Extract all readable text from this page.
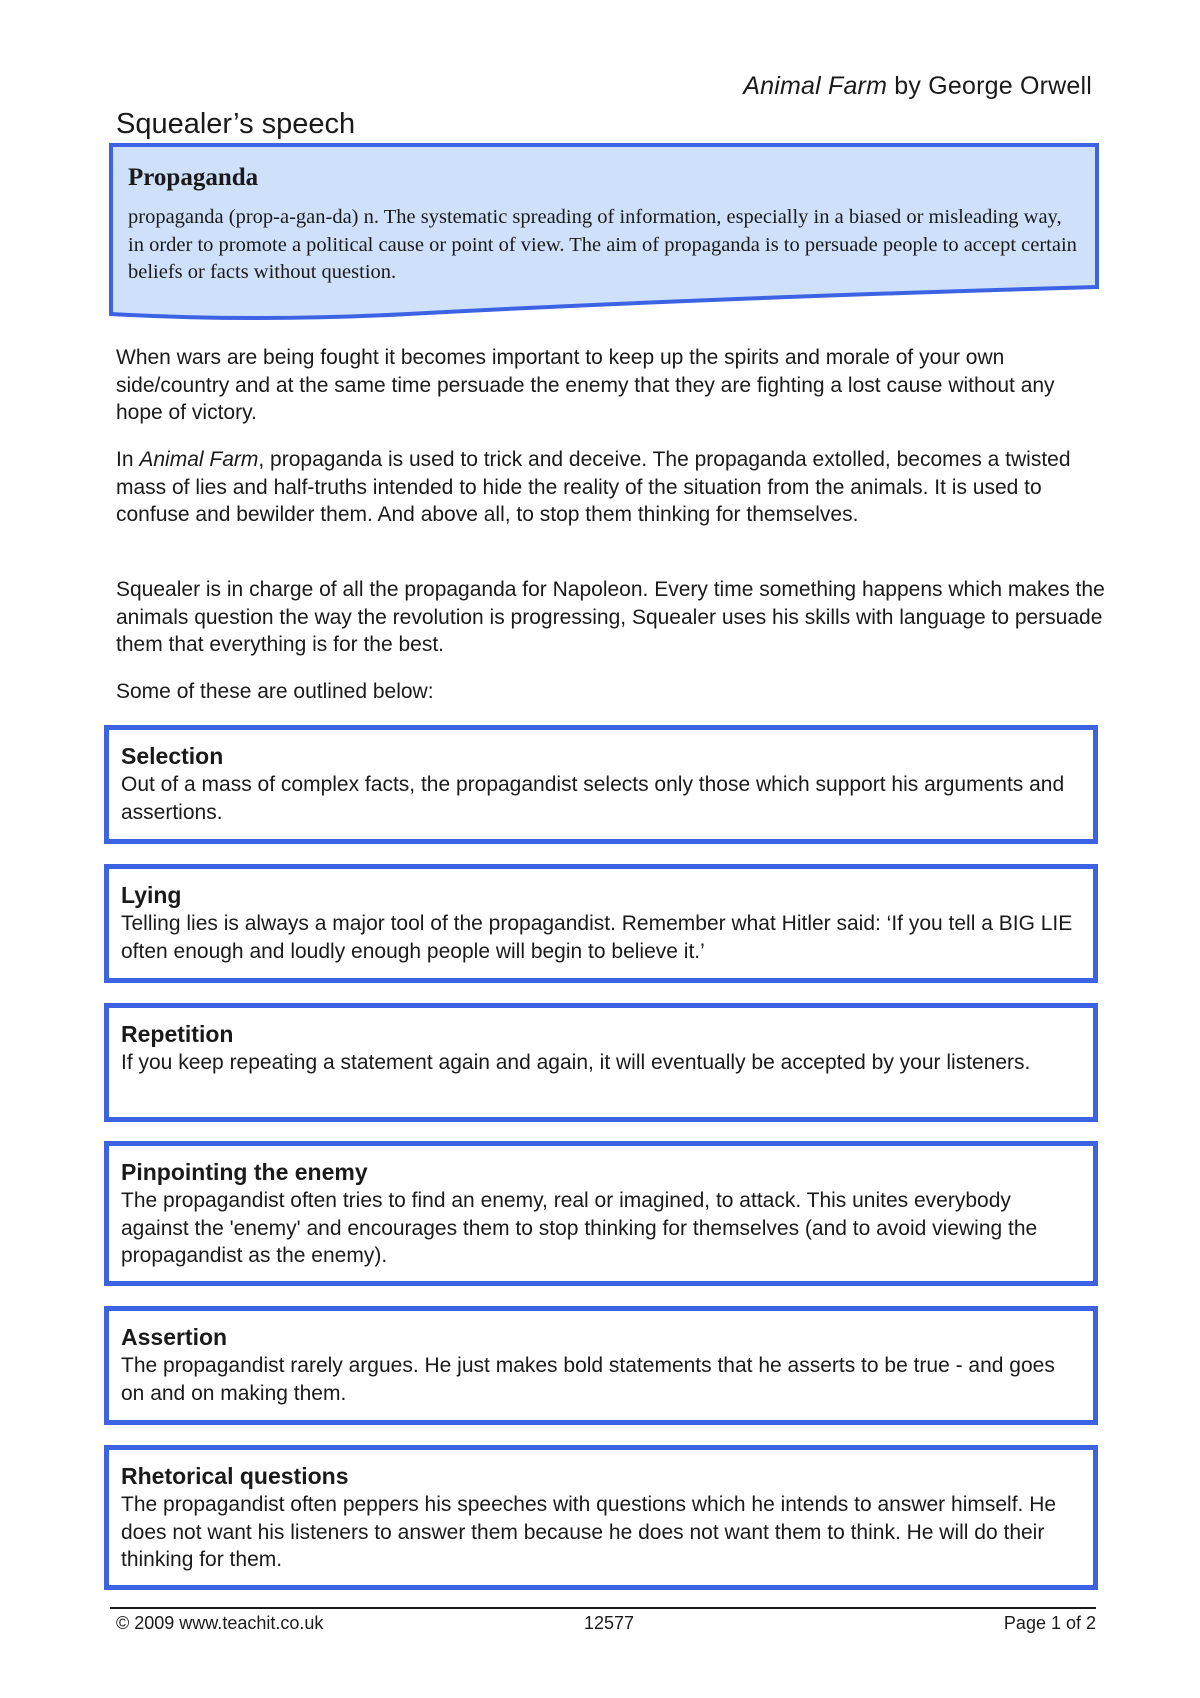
Animal Farm by George Orwell
Squealer’s speech
Propaganda

propaganda (prop-a-gan-da) n. The systematic spreading of information, especially in a biased or misleading way, in order to promote a political cause or point of view. The aim of propaganda is to persuade people to accept certain beliefs or facts without question.

When wars are being fought it becomes important to keep up the spirits and morale of your own side/country and at the same time persuade the enemy that they are fighting a lost cause without any hope of victory.

In Animal Farm, propaganda is used to trick and deceive. The propaganda extolled, becomes a twisted mass of lies and half-truths intended to hide the reality of the situation from the animals. It is used to confuse and bewilder them. And above all, to stop them thinking for themselves.

Squealer is in charge of all the propaganda for Napoleon. Every time something happens which makes the animals question the way the revolution is progressing, Squealer uses his skills with language to persuade them that everything is for the best.

Some of these are outlined below:

Selection

Out of a mass of complex facts, the propagandist selects only those which support his arguments and assertions.

Lying

Telling lies is always a major tool of the propagandist. Remember what Hitler said: ‘If you tell a BIG LIE often enough and loudly enough people will begin to believe it.’

Repetition

If you keep repeating a statement again and again, it will eventually be accepted by your listeners.

Pinpointing the enemy

The propagandist often tries to find an enemy, real or imagined, to attack. This unites everybody against the 'enemy' and encourages them to stop thinking for themselves (and to avoid viewing the propagandist as the enemy).

Assertion

The propagandist rarely argues. He just makes bold statements that he asserts to be true - and goes on and on making them.

Rhetorical questions

The propagandist often peppers his speeches with questions which he intends to answer himself. He does not want his listeners to answer them because he does not want them to think. He will do their thinking for them.

© 2009 www.teachit.co.uk	12577	Page 1 of 2
